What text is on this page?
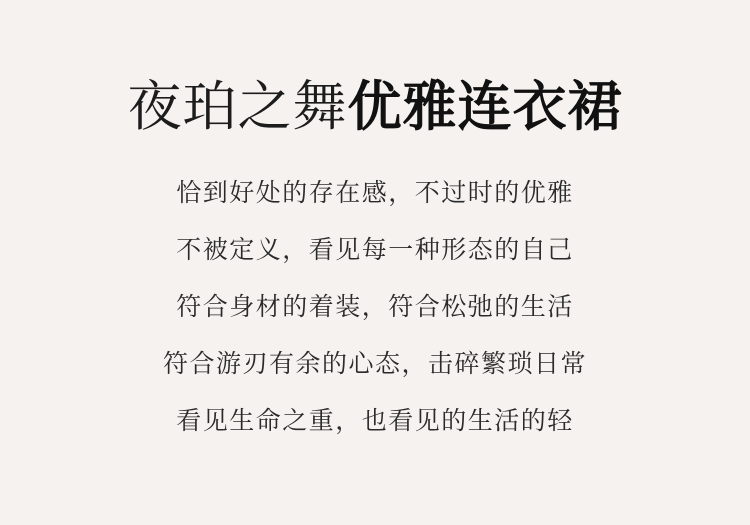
夜珀之舞 优雅连衣裙
恰到好处的存在感，不过时的优雅
不被定义，看见每一种形态的自己
符合身材的着装，符合松弛的生活
符合游刃有余的心态，击碎繁琐日常
看见生命之重，也看见的生活的轻
